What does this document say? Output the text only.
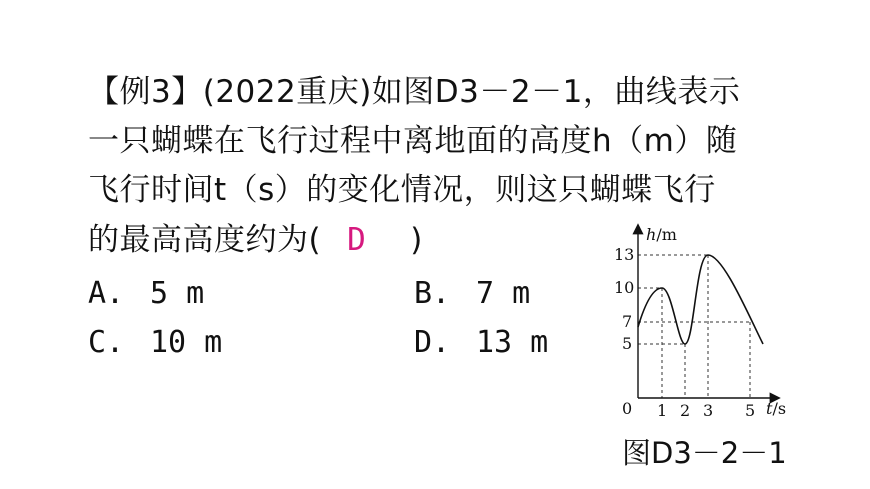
【例3】(2022重庆)如图D3－2－1，曲线表示
一只蝴蝶在飞行过程中离地面的高度h（m）随
飞行时间t（s）的变化情况，则这只蝴蝶飞行
的最高高度约为( D )
A. 5 m	B. 7 m
C. 10 m	D. 13 m
h/m
t/s
0
13
10
7
5
1 2 3 5
图D3－2－1
